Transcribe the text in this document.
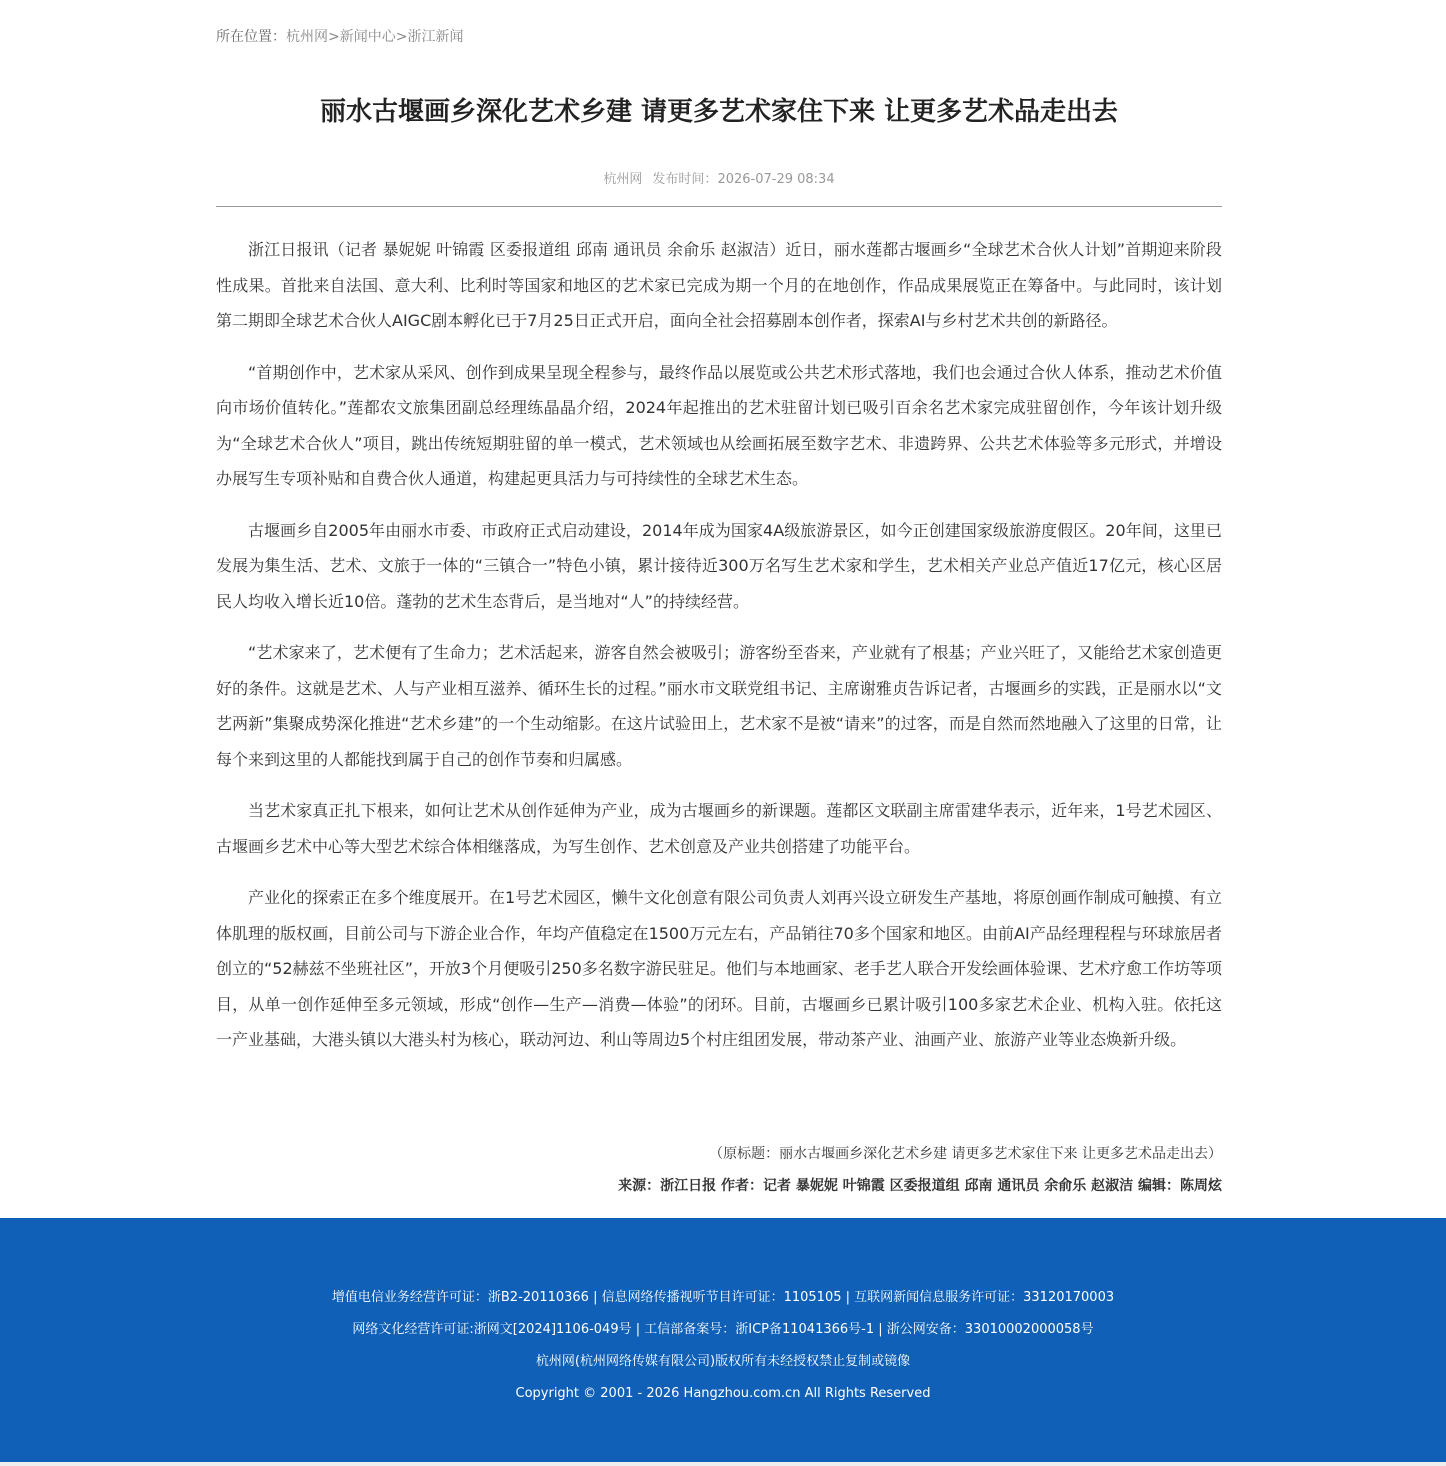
所在位置：杭州网>新闻中心>浙江新闻
丽水古堰画乡深化艺术乡建 请更多艺术家住下来 让更多艺术品走出去
杭州网 发布时间：2026-07-29 08:34

浙江日报讯（记者 暴妮妮 叶锦霞 区委报道组 邱南 通讯员 余俞乐 赵淑洁）近日，丽水莲都古堰画乡“全球艺术合伙人计划”首期迎来阶段性成果。首批来自法国、意大利、比利时等国家和地区的艺术家已完成为期一个月的在地创作，作品成果展览正在筹备中。与此同时，该计划第二期即全球艺术合伙人AIGC剧本孵化已于7月25日正式开启，面向全社会招募剧本创作者，探索AI与乡村艺术共创的新路径。

“首期创作中，艺术家从采风、创作到成果呈现全程参与，最终作品以展览或公共艺术形式落地，我们也会通过合伙人体系，推动艺术价值向市场价值转化。”莲都农文旅集团副总经理练晶晶介绍，2024年起推出的艺术驻留计划已吸引百余名艺术家完成驻留创作，今年该计划升级为“全球艺术合伙人”项目，跳出传统短期驻留的单一模式，艺术领域也从绘画拓展至数字艺术、非遗跨界、公共艺术体验等多元形式，并增设办展写生专项补贴和自费合伙人通道，构建起更具活力与可持续性的全球艺术生态。

古堰画乡自2005年由丽水市委、市政府正式启动建设，2014年成为国家4A级旅游景区，如今正创建国家级旅游度假区。20年间，这里已发展为集生活、艺术、文旅于一体的“三镇合一”特色小镇，累计接待近300万名写生艺术家和学生，艺术相关产业总产值近17亿元，核心区居民人均收入增长近10倍。蓬勃的艺术生态背后，是当地对“人”的持续经营。

“艺术家来了，艺术便有了生命力；艺术活起来，游客自然会被吸引；游客纷至沓来，产业就有了根基；产业兴旺了，又能给艺术家创造更好的条件。这就是艺术、人与产业相互滋养、循环生长的过程。”丽水市文联党组书记、主席谢雅贞告诉记者，古堰画乡的实践，正是丽水以“文艺两新”集聚成势深化推进“艺术乡建”的一个生动缩影。在这片试验田上，艺术家不是被“请来”的过客，而是自然而然地融入了这里的日常，让每个来到这里的人都能找到属于自己的创作节奏和归属感。

当艺术家真正扎下根来，如何让艺术从创作延伸为产业，成为古堰画乡的新课题。莲都区文联副主席雷建华表示，近年来，1号艺术园区、古堰画乡艺术中心等大型艺术综合体相继落成，为写生创作、艺术创意及产业共创搭建了功能平台。

产业化的探索正在多个维度展开。在1号艺术园区，懒牛文化创意有限公司负责人刘再兴设立研发生产基地，将原创画作制成可触摸、有立体肌理的版权画，目前公司与下游企业合作，年均产值稳定在1500万元左右，产品销往70多个国家和地区。由前AI产品经理程程与环球旅居者创立的“52赫兹不坐班社区”，开放3个月便吸引250多名数字游民驻足。他们与本地画家、老手艺人联合开发绘画体验课、艺术疗愈工作坊等项目，从单一创作延伸至多元领域，形成“创作—生产—消费—体验”的闭环。目前，古堰画乡已累计吸引100多家艺术企业、机构入驻。依托这一产业基础，大港头镇以大港头村为核心，联动河边、利山等周边5个村庄组团发展，带动茶产业、油画产业、旅游产业等业态焕新升级。

（原标题：丽水古堰画乡深化艺术乡建 请更多艺术家住下来 让更多艺术品走出去）
来源：浙江日报 作者：记者 暴妮妮 叶锦霞 区委报道组 邱南 通讯员 余俞乐 赵淑洁 编辑：陈周炫
增值电信业务经营许可证：浙B2-20110366 | 信息网络传播视听节目许可证：1105105 | 互联网新闻信息服务许可证：33120170003
网络文化经营许可证:浙网文[2024]1106-049号 | 工信部备案号：浙ICP备11041366号-1 | 浙公网安备：33010002000058号
杭州网(杭州网络传媒有限公司)版权所有未经授权禁止复制或镜像
Copyright © 2001 - 2026 Hangzhou.com.cn All Rights Reserved
